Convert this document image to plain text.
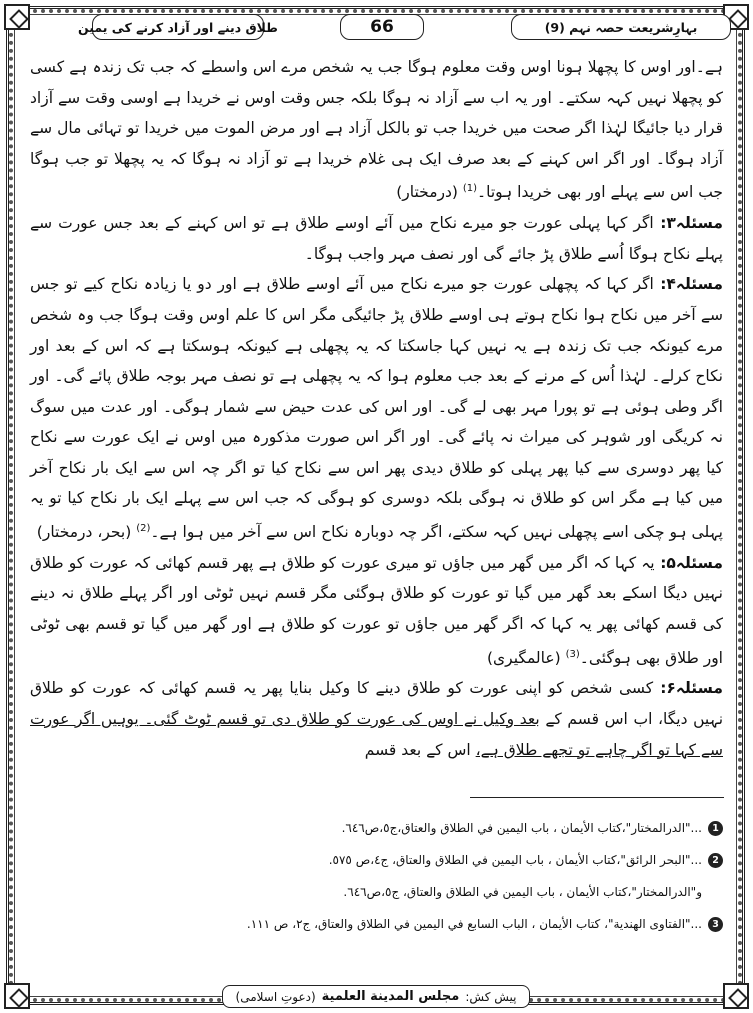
بہارِشریعت حصہ نہم (9)
66
طلاق دینے اور آزاد کرنے کی یمین

ہے۔اور اوس کا پچھلا ہونا اوس وقت معلوم ہوگا جب یہ شخص مرے اس واسطے کہ جب تک زندہ ہے کسی کو پچھلا نہیں کہہ سکتے۔ اور یہ اب سے آزاد نہ ہوگا بلکہ جس وقت اوس نے خریدا ہے اوسی وقت سے آزاد قرار دیا جائیگا لہٰذا اگر صحت میں خریدا جب تو بالکل آزاد ہے اور مرض الموت میں خریدا تو تہائی مال سے آزاد ہوگا۔ اور اگر اس کہنے کے بعد صرف ایک ہی غلام خریدا ہے تو آزاد نہ ہوگا کہ یہ پچھلا تو جب ہوگا جب اس سے پہلے اور بھی خریدا ہوتا۔$^{(1)}$ (درمختار)

مسئلہ۳: اگر کہا پہلی عورت جو میرے نکاح میں آئے اوسے طلاق ہے تو اس کہنے کے بعد جس عورت سے پہلے نکاح ہوگا اُسے طلاق پڑ جائے گی اور نصف مہر واجب ہوگا۔

مسئلہ۴: اگر کہا کہ پچھلی عورت جو میرے نکاح میں آئے اوسے طلاق ہے اور دو یا زیادہ نکاح کیے تو جس سے آخر میں نکاح ہوا نکاح ہوتے ہی اوسے طلاق پڑ جائیگی مگر اس کا علم اوس وقت ہوگا جب وہ شخص مرے کیونکہ جب تک زندہ ہے یہ نہیں کہا جاسکتا کہ یہ پچھلی ہے کیونکہ ہوسکتا ہے کہ اس کے بعد اور نکاح کرلے۔ لہٰذا اُس کے مرنے کے بعد جب معلوم ہوا کہ یہ پچھلی ہے تو نصف مہر بوجہ طلاق پائے گی۔ اور اگر وطی ہوئی ہے تو پورا مہر بھی لے گی۔ اور اس کی عدت حیض سے شمار ہوگی۔ اور عدت میں سوگ نہ کریگی اور شوہر کی میراث نہ پائے گی۔ اور اگر اس صورت مذکورہ میں اوس نے ایک عورت سے نکاح کیا پھر دوسری سے کیا پھر پہلی کو طلاق دیدی پھر اس سے نکاح کیا تو اگر چہ اس سے ایک بار نکاح آخر میں کیا ہے مگر اس کو طلاق نہ ہوگی بلکہ دوسری کو ہوگی کہ جب اس سے پہلے ایک بار نکاح کیا تو یہ پہلی ہو چکی اسے پچھلی نہیں کہہ سکتے، اگر چہ دوبارہ نکاح اس سے آخر میں ہوا ہے۔$^{(2)}$ (بحر، درمختار)

مسئلہ۵: یہ کہا کہ اگر میں گھر میں جاؤں تو میری عورت کو طلاق ہے پھر قسم کھائی کہ عورت کو طلاق نہیں دیگا اسکے بعد گھر میں گیا تو عورت کو طلاق ہوگئی مگر قسم نہیں ٹوٹی اور اگر پہلے طلاق نہ دینے کی قسم کھائی پھر یہ کہا کہ اگر گھر میں جاؤں تو عورت کو طلاق ہے اور گھر میں گیا تو قسم بھی ٹوٹی اور طلاق بھی ہوگئی۔$^{(3)}$ (عالمگیری)

مسئلہ۶: کسی شخص کو اپنی عورت کو طلاق دینے کا وکیل بنایا پھر یہ قسم کھائی کہ عورت کو طلاق نہیں دیگا، اب اس قسم کے بعد وکیل نے اوس کی عورت کو طلاق دی تو قسم ٹوٹ گئی۔ یوہیں اگر عورت سے کہا تو اگر چاہے تو تجھے طلاق ہے، اس کے بعد قسم

1
..."الدرالمختار"،كتاب الأيمان ، باب اليمين في الطلاق والعتاق،ج٥،ص٦٤٦.
2
..."البحر الرائق"،كتاب الأيمان ، باب اليمين في الطلاق والعتاق، ج٤،ص ٥٧٥.
و"الدرالمختار"،كتاب الأيمان ، باب اليمين في الطلاق والعتاق، ج٥،ص٦٤٦.
3
..."الفتاوى الهندية"، كتاب الأيمان ، الباب السابع في اليمين في الطلاق والعتاق، ج٢، ص ١١١.
پیش کش:
مجلس المدينة العلمية
(دعوتِ اسلامی)
